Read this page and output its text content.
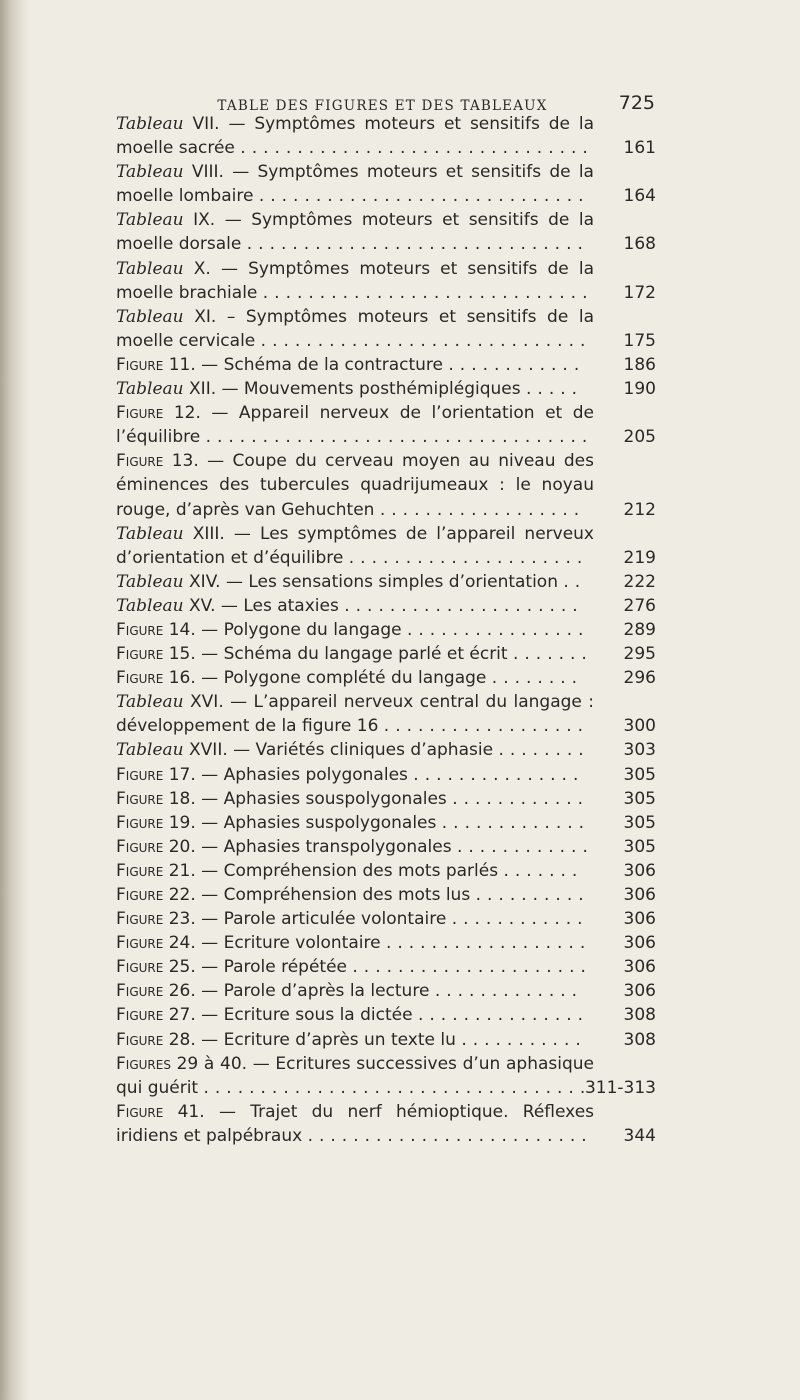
TABLE DES FIGURES ET DES TABLEAUX	725
Tableau VII. — Symptômes moteurs et sensitifs de la moelle sacrée ............................... 161
Tableau VIII. — Symptômes moteurs et sensitifs de la moelle lombaire ............................. 164
Tableau IX. — Symptômes moteurs et sensitifs de la moelle dorsale .............................. 168
Tableau X. — Symptômes moteurs et sensitifs de la moelle brachiale ............................. 172
Tableau XI. – Symptômes moteurs et sensitifs de la moelle cervicale ............................. 175
Figure 11. — Schéma de la contracture ............ 186
Tableau XII. — Mouvements posthémiplégiques ..... 190
Figure 12. — Appareil nerveux de l’orientation et de l’équilibre .................................. 205
Figure 13. — Coupe du cerveau moyen au niveau des éminences des tubercules quadrijumeaux : le noyau rouge, d’après van Gehuchten .................. 212
Tableau XIII. — Les symptômes de l’appareil nerveux d’orientation et d’équilibre ..................... 219
Tableau XIV. — Les sensations simples d’orientation .. 222
Tableau XV. — Les ataxies ..................... 276
Figure 14. — Polygone du langage ................ 289
Figure 15. — Schéma du langage parlé et écrit ....... 295
Figure 16. — Polygone complété du langage ........ 296
Tableau XVI. — L’appareil nerveux central du langage : développement de la figure 16 .................. 300
Tableau XVII. — Variétés cliniques d’aphasie ........ 303
Figure 17. — Aphasies polygonales ............... 305
Figure 18. — Aphasies souspolygonales ............ 305
Figure 19. — Aphasies suspolygonales ............. 305
Figure 20. — Aphasies transpolygonales ............ 305
Figure 21. — Compréhension des mots parlés ....... 306
Figure 22. — Compréhension des mots lus .......... 306
Figure 23. — Parole articulée volontaire ............ 306
Figure 24. — Ecriture volontaire .................. 306
Figure 25. — Parole répétée ..................... 306
Figure 26. — Parole d’après la lecture ............. 306
Figure 27. — Ecriture sous la dictée ............... 308
Figure 28. — Ecriture d’après un texte lu ........... 308
Figures 29 à 40. — Ecritures successives d’un aphasique qui guérit ..................................
311-313
Figure 41. — Trajet du nerf hémioptique. Réflexes iridiens et palpébraux ......................... 344
